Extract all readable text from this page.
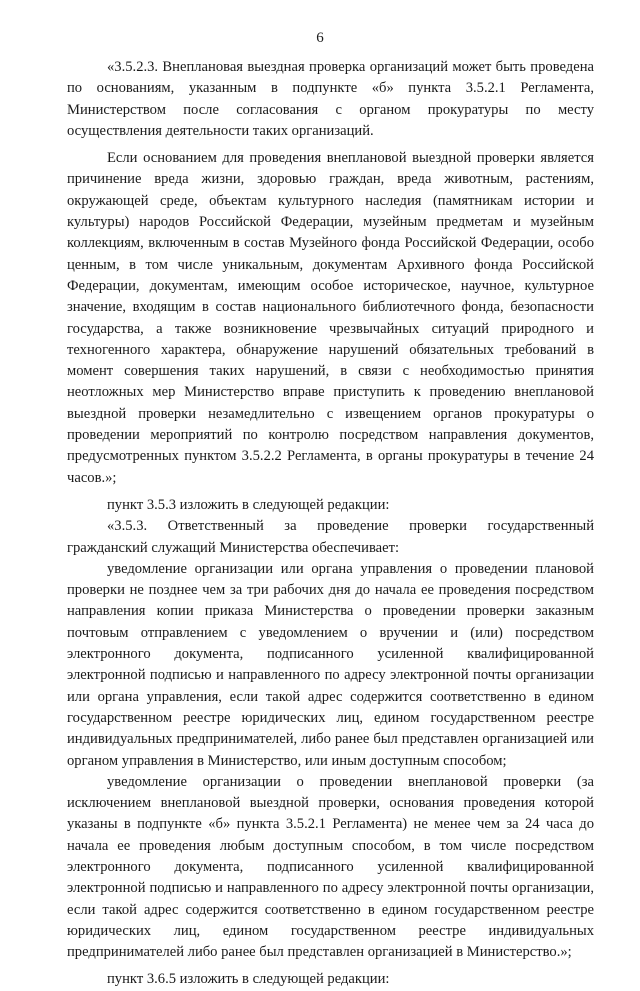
6

«3.5.2.3. Внеплановая выездная проверка организаций может быть проведена по основаниям, указанным в подпункте «б» пункта 3.5.2.1 Регламента, Министерством после согласования с органом прокуратуры по месту осуществления деятельности таких организаций.

Если основанием для проведения внеплановой выездной проверки является причинение вреда жизни, здоровью граждан, вреда животным, растениям, окружающей среде, объектам культурного наследия (памятникам истории и культуры) народов Российской Федерации, музейным предметам и музейным коллекциям, включенным в состав Музейного фонда Российской Федерации, особо ценным, в том числе уникальным, документам Архивного фонда Российской Федерации, документам, имеющим особое историческое, научное, культурное значение, входящим в состав национального библиотечного фонда, безопасности государства, а также возникновение чрезвычайных ситуаций природного и техногенного характера, обнаружение нарушений обязательных требований в момент совершения таких нарушений, в связи с необходимостью принятия неотложных мер Министерство вправе приступить к проведению внеплановой выездной проверки незамедлительно с извещением органов прокуратуры о проведении мероприятий по контролю посредством направления документов, предусмотренных пунктом 3.5.2.2 Регламента, в органы прокуратуры в течение 24 часов.»;

пункт 3.5.3 изложить в следующей редакции:

«3.5.3. Ответственный за проведение проверки государственный гражданский служащий Министерства обеспечивает:

уведомление организации или органа управления о проведении плановой проверки не позднее чем за три рабочих дня до начала ее проведения посредством направления копии приказа Министерства о проведении проверки заказным почтовым отправлением с уведомлением о вручении и (или) посредством электронного документа, подписанного усиленной квалифицированной электронной подписью и направленного по адресу электронной почты организации или органа управления, если такой адрес содержится соответственно в едином государственном реестре юридических лиц, едином государственном реестре индивидуальных предпринимателей, либо ранее был представлен организацией или органом управления в Министерство, или иным доступным способом;

уведомление организации о проведении внеплановой проверки (за исключением внеплановой выездной проверки, основания проведения которой указаны в подпункте «б» пункта 3.5.2.1 Регламента) не менее чем за 24 часа до начала ее проведения любым доступным способом, в том числе посредством электронного документа, подписанного усиленной квалифицированной электронной подписью и направленного по адресу электронной почты организации, если такой адрес содержится соответственно в едином государственном реестре юридических лиц, едином государственном реестре индивидуальных предпринимателей либо ранее был представлен организацией в Министерство.»;

пункт 3.6.5 изложить в следующей редакции:
